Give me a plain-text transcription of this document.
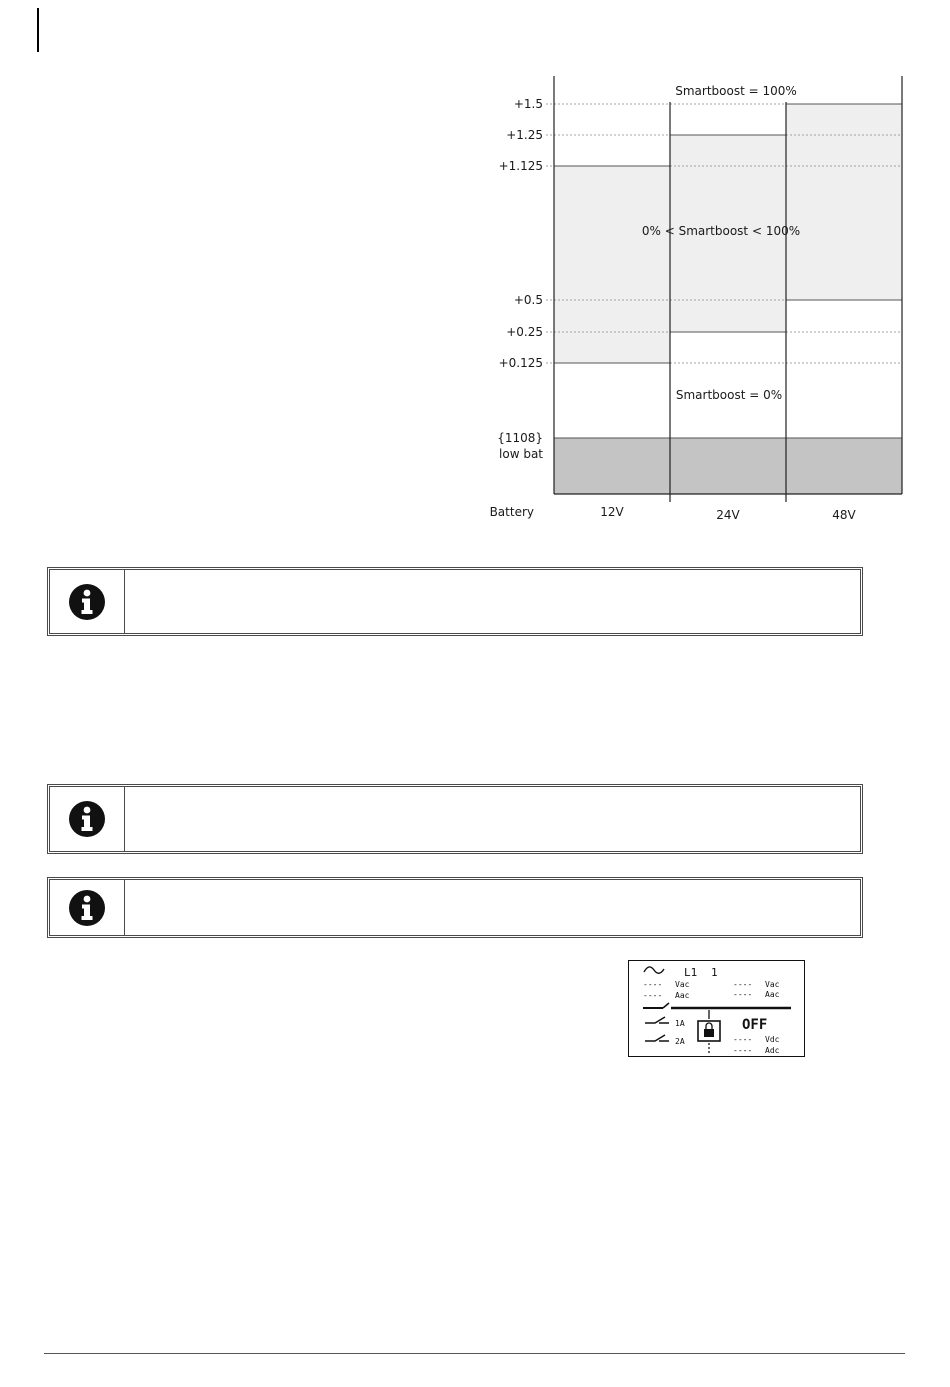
+1.5
+1.25
+1.125
+0.5
+0.25
+0.125
{1108}
low bat
Battery	12V	24V	48V
Smartboost = 100%
0% < Smartboost < 100%
Smartboost = 0%
L1 1
---- Vac
---- Aac
---- Vac
---- Aac
1A
2A
OFF
---- Vdc
---- Adc
